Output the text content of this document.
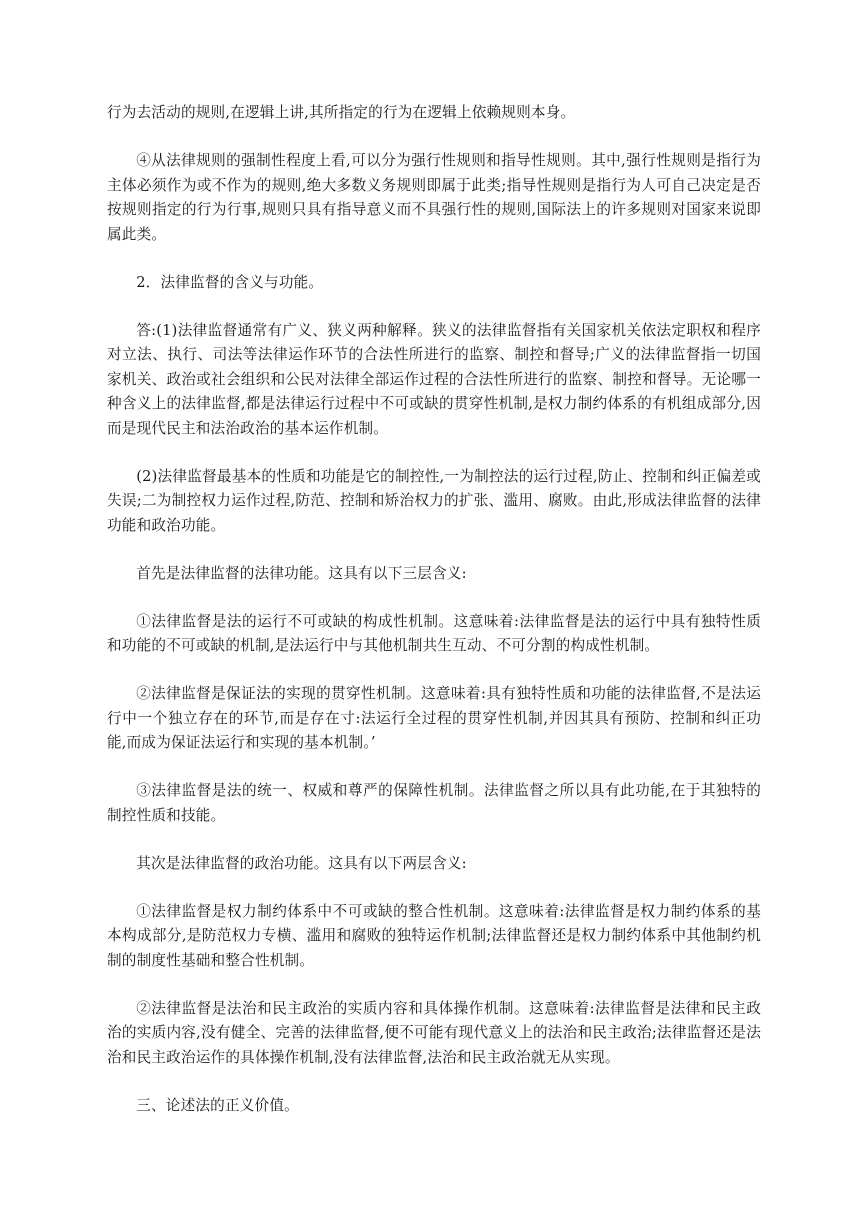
行为去活动的规则,在逻辑上讲,其所指定的行为在逻辑上依赖规则本身。

④从法律规则的强制性程度上看,可以分为强行性规则和指导性规则。其中,强行性规则是指行为主体必须作为或不作为的规则,绝大多数义务规则即属于此类;指导性规则是指行为人可自己决定是否按规则指定的行为行事,规则只具有指导意义而不具强行性的规则,国际法上的许多规则对国家来说即属此类。

2．法律监督的含义与功能。

答:(1)法律监督通常有广义、狭义两种解释。狭义的法律监督指有关国家机关依法定职权和程序对立法、执行、司法等法律运作环节的合法性所进行的监察、制控和督导;广义的法律监督指一切国家机关、政治或社会组织和公民对法律全部运作过程的合法性所进行的监察、制控和督导。无论哪一种含义上的法律监督,都是法律运行过程中不可或缺的贯穿性机制,是权力制约体系的有机组成部分,因而是现代民主和法治政治的基本运作机制。

(2)法律监督最基本的性质和功能是它的制控性,一为制控法的运行过程,防止、控制和纠正偏差或失误;二为制控权力运作过程,防范、控制和矫治权力的扩张、滥用、腐败。由此,形成法律监督的法律功能和政治功能。

首先是法律监督的法律功能。这具有以下三层含义:

①法律监督是法的运行不可或缺的构成性机制。这意味着:法律监督是法的运行中具有独特性质和功能的不可或缺的机制,是法运行中与其他机制共生互动、不可分割的构成性机制。

②法律监督是保证法的实现的贯穿性机制。这意味着:具有独特性质和功能的法律监督,不是法运行中一个独立存在的环节,而是存在寸:法运行全过程的贯穿性机制,并因其具有预防、控制和纠正功能,而成为保证法运行和实现的基本机制。’

③法律监督是法的统一、权威和尊严的保障性机制。法律监督之所以具有此功能,在于其独特的制控性质和技能。

其次是法律监督的政治功能。这具有以下两层含义:

①法律监督是权力制约体系中不可或缺的整合性机制。这意味着:法律监督是权力制约体系的基本构成部分,是防范权力专横、滥用和腐败的独特运作机制;法律监督还是权力制约体系中其他制约机制的制度性基础和整合性机制。

②法律监督是法治和民主政治的实质内容和具体操作机制。这意味着:法律监督是法律和民主政治的实质内容,没有健全、完善的法律监督,便不可能有现代意义上的法治和民主政治;法律监督还是法治和民主政治运作的具体操作机制,没有法律监督,法治和民主政治就无从实现。

三、论述法的正义价值。
